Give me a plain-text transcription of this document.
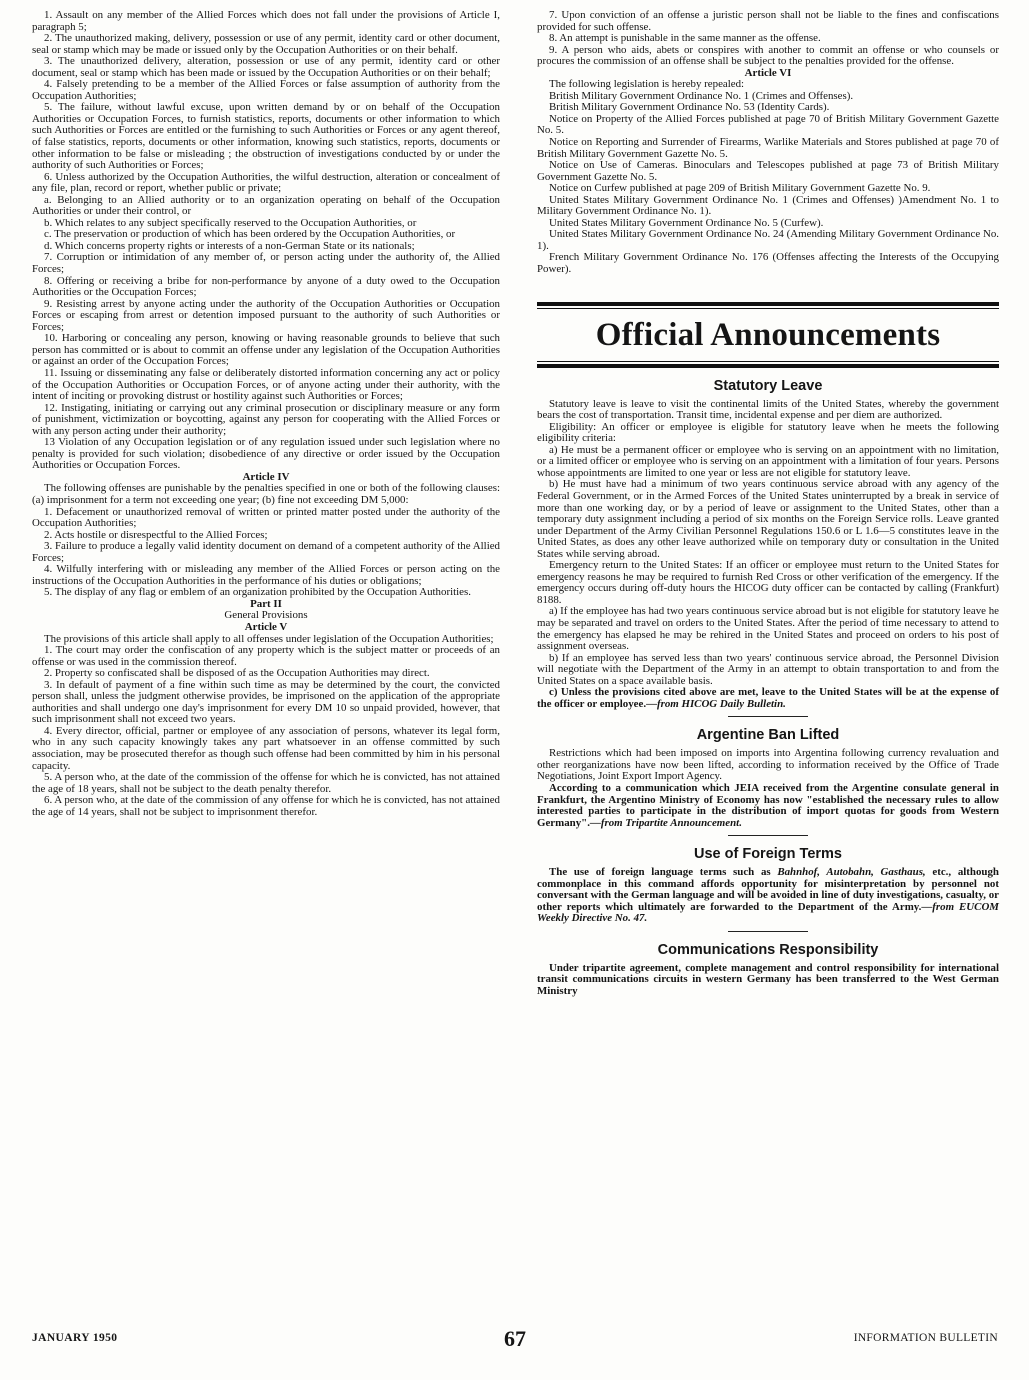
1. Assault on any member of the Allied Forces which does not fall under the provisions of Article I, paragraph 5;

2. The unauthorized making, delivery, possession or use of any permit, identity card or other document, seal or stamp which may be made or issued only by the Occupation Authorities or on their behalf.

3. The unauthorized delivery, alteration, possession or use of any permit, identity card or other document, seal or stamp which has been made or issued by the Occupation Authorities or on their behalf;

4. Falsely pretending to be a member of the Allied Forces or false assumption of authority from the Occupation Authorities;

5. The failure, without lawful excuse, upon written demand by or on behalf of the Occupation Authorities or Occupation Forces, to furnish statistics, reports, documents or other information to which such Authorities or Forces are entitled or the furnishing to such Authorities or Forces or any agent thereof, of false statistics, reports, documents or other information, knowing such statistics, reports, documents or other information to be false or misleading ; the obstruction of investigations conducted by or under the authority of such Authorities or Forces;

6. Unless authorized by the Occupation Authorities, the wilful destruction, alteration or concealment of any file, plan, record or report, whether public or private;

a. Belonging to an Allied authority or to an organization operating on behalf of the Occupation Authorities or under their control, or

b. Which relates to any subject specifically reserved to the Occupation Authorities, or

c. The preservation or production of which has been ordered by the Occupation Authorities, or

d. Which concerns property rights or interests of a non-German State or its nationals;

7. Corruption or intimidation of any member of, or person acting under the authority of, the Allied Forces;

8. Offering or receiving a bribe for non-performance by anyone of a duty owed to the Occupation Authorities or the Occupation Forces;

9. Resisting arrest by anyone acting under the authority of the Occupation Authorities or Occupation Forces or escaping from arrest or detention imposed pursuant to the authority of such Authorities or Forces;

10. Harboring or concealing any person, knowing or having reasonable grounds to believe that such person has committed or is about to commit an offense under any legislation of the Occupation Authorities or against an order of the Occupation Forces;

11. Issuing or disseminating any false or deliberately distorted information concerning any act or policy of the Occupation Authorities or Occupation Forces, or of anyone acting under their authority, with the intent of inciting or provoking distrust or hostility against such Authorities or Forces;

12. Instigating, initiating or carrying out any criminal prosecution or disciplinary measure or any form of punishment, victimization or boycotting, against any person for cooperating with the Allied Forces or with any person acting under their authority;

13 Violation of any Occupation legislation or of any regulation issued under such legislation where no penalty is provided for such violation; disobedience of any directive or order issued by the Occupation Authorities or Occupation Forces.

Article IV

The following offenses are punishable by the penalties specified in one or both of the following clauses: (a) imprisonment for a term not exceeding one year; (b) fine not exceeding DM 5,000:

1. Defacement or unauthorized removal of written or printed matter posted under the authority of the Occupation Authorities;

2. Acts hostile or disrespectful to the Allied Forces;

3. Failure to produce a legally valid identity document on demand of a competent authority of the Allied Forces;

4. Wilfully interfering with or misleading any member of the Allied Forces or person acting on the instructions of the Occupation Authorities in the performance of his duties or obligations;

5. The display of any flag or emblem of an organization prohibited by the Occupation Authorities.

Part II

General Provisions

Article V

The provisions of this article shall apply to all offenses under legislation of the Occupation Authorities;

1. The court may order the confiscation of any property which is the subject matter or proceeds of an offense or was used in the commission thereof.

2. Property so confiscated shall be disposed of as the Occupation Authorities may direct.

3. In default of payment of a fine within such time as may be determined by the court, the convicted person shall, unless the judgment otherwise provides, be imprisoned on the application of the appropriate authorities and shall undergo one day's imprisonment for every DM 10 so unpaid provided, however, that such imprisonment shall not exceed two years.

4. Every director, official, partner or employee of any association of persons, whatever its legal form, who in any such capacity knowingly takes any part whatsoever in an offense committed by such association, may be prosecuted therefor as though such offense had been committed by him in his personal capacity.

5. A person who, at the date of the commission of the offense for which he is convicted, has not attained the age of 18 years, shall not be subject to the death penalty therefor.

6. A person who, at the date of the commission of any offense for which he is convicted, has not attained the age of 14 years, shall not be subject to imprisonment therefor.

7. Upon conviction of an offense a juristic person shall not be liable to the fines and confiscations provided for such offense.

8. An attempt is punishable in the same manner as the offense.

9. A person who aids, abets or conspires with another to commit an offense or who counsels or procures the commission of an offense shall be subject to the penalties provided for the offense.

Article VI

The following legislation is hereby repealed:

British Military Government Ordinance No. 1 (Crimes and Offenses).

British Military Government Ordinance No. 53 (Identity Cards).

Notice on Property of the Allied Forces published at page 70 of British Military Government Gazette No. 5.

Notice on Reporting and Surrender of Firearms, Warlike Materials and Stores published at page 70 of British Military Government Gazette No. 5.

Notice on Use of Cameras. Binoculars and Telescopes published at page 73 of British Military Government Gazette No. 5.

Notice on Curfew published at page 209 of British Military Government Gazette No. 9.

United States Military Government Ordinance No. 1 (Crimes and Offenses) )Amendment No. 1 to Military Government Ordinance No. 1).

United States Military Government Ordinance No. 5 (Curfew).

United States Military Government Ordinance No. 24 (Amending Military Government Ordinance No. 1).

French Military Government Ordinance No. 176 (Offenses affecting the Interests of the Occupying Power).

Official Announcements
Statutory Leave

Statutory leave is leave to visit the continental limits of the United States, whereby the government bears the cost of transportation. Transit time, incidental expense and per diem are authorized.

Eligibility: An officer or employee is eligible for statutory leave when he meets the following eligibility criteria:

a) He must be a permanent officer or employee who is serving on an appointment with no limitation, or a limited officer or employee who is serving on an appointment with a limitation of four years. Persons whose appointments are limited to one year or less are not eligible for statutory leave.

b) He must have had a minimum of two years continuous service abroad with any agency of the Federal Government, or in the Armed Forces of the United States uninterrupted by a break in service of more than one working day, or by a period of leave or assignment to the United States, other than a temporary duty assignment including a period of six months on the Foreign Service rolls. Leave granted under Department of the Army Civilian Personnel Regulations 150.6 or L 1.6—5 constitutes leave in the United States, as does any other leave authorized while on temporary duty or consultation in the United States while serving abroad.

Emergency return to the United States: If an officer or employee must return to the United States for emergency reasons he may be required to furnish Red Cross or other verification of the emergency. If the emergency occurs during off-duty hours the HICOG duty officer can be contacted by calling (Frankfurt) 8188.

a) If the employee has had two years continuous service abroad but is not eligible for statutory leave he may be separated and travel on orders to the United States. After the period of time necessary to attend to the emergency has elapsed he may be rehired in the United States and proceed on orders to his post of assignment overseas.

b) If an employee has served less than two years' continuous service abroad, the Personnel Division will negotiate with the Department of the Army in an attempt to obtain transportation to and from the United States on a space available basis.

c) Unless the provisions cited above are met, leave to the United States will be at the expense of the officer or employee.—from HICOG Daily Bulletin.

Argentine Ban Lifted

Restrictions which had been imposed on imports into Argentina following currency revaluation and other reorganizations have now been lifted, according to information received by the Office of Trade Negotiations, Joint Export Import Agency.

According to a communication which JEIA received from the Argentine consulate general in Frankfurt, the Argentino Ministry of Economy has now "established the necessary rules to allow interested parties to participate in the distribution of import quotas for goods from Western Germany".—from Tripartite Announcement.

Use of Foreign Terms

The use of foreign language terms such as Bahnhof, Autobahn, Gasthaus, etc., although commonplace in this command affords opportunity for misinterpretation by personnel not conversant with the German language and will be avoided in line of duty investigations, casualty, or other reports which ultimately are forwarded to the Department of the Army.—from EUCOM Weekly Directive No. 47.

Communications Responsibility

Under tripartite agreement, complete management and control responsibility for international transit communications circuits in western Germany has been transferred to the West German Ministry

JANUARY 1950	67	INFORMATION BULLETIN
